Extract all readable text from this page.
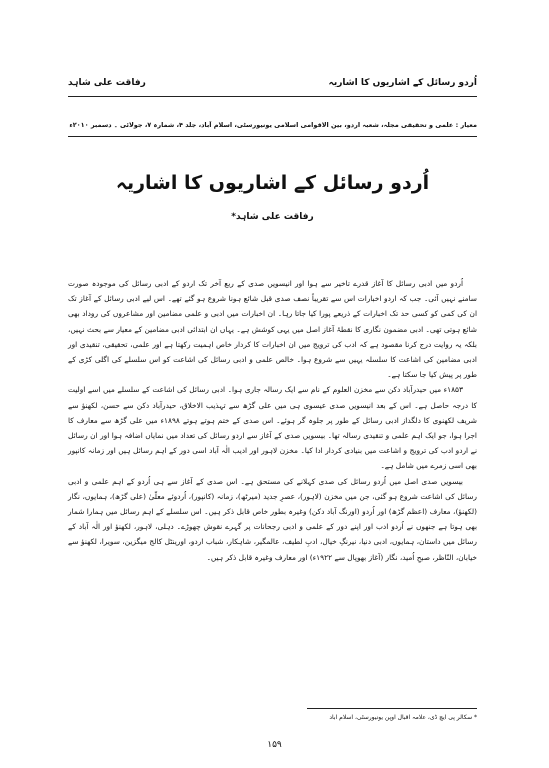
اُردو رسائل کے اشاریوں کا اشاریہ
رفاقت علی شاہد
معیار : علمی و تحقیقی مجلہ، شعبہ اردو، بین الاقوامی اسلامی یونیورسٹی، اسلام آباد، جلد ۴، شمارہ ۷، جولائی ۔ دسمبر ۲۰۱۰ء
اُردو رسائل کے اشاریوں کا اشاریہ
رفاقت علی شاہد*

اُردو میں ادبی رسائل کا آغاز قدرے تاخیر سے ہوا اور انیسویں صدی کے ربع آخر تک اردو کے ادبی رسائل کی موجودہ صورت سامنے نہیں آئی۔ جب کہ اردو اخبارات اس سے تقریباً نصف صدی قبل شائع ہونا شروع ہو گئے تھے۔ اس لیے ادبی رسائل کے آغاز تک ان کی کمی کو کسی حد تک اخبارات کے ذریعے پورا کیا جاتا رہا۔ ان اخبارات میں ادبی و علمی مضامین اور مشاعروں کی روداد بھی شائع ہوتی تھی۔ ادبی مضمون نگاری کا نقطۂ آغاز اصل میں یہی کوشش ہے۔ یہاں ان ابتدائی ادبی مضامین کے معیار سے بحث نہیں، بلکہ یہ روایت درج کرنا مقصود ہے کہ ادب کی ترویج میں ان اخبارات کا کردار خاص اہمیت رکھتا ہے اور علمی، تحقیقی، تنقیدی اور ادبی مضامین کی اشاعت کا سلسلہ یہیں سے شروع ہوا۔ خالص علمی و ادبی رسائل کی اشاعت کو اس سلسلے کی اگلی کڑی کے طور پر پیش کیا جا سکتا ہے۔

۱۸۵۳ء میں حیدرآباد دکن سے مخزن العلوم کے نام سے ایک رسالہ جاری ہوا۔ ادبی رسائل کی اشاعت کے سلسلے میں اسے اولیت کا درجہ حاصل ہے۔ اس کے بعد انیسویں صدی عیسوی ہی میں علی گڑھ سے تہذیب الاخلاق، حیدرآباد دکن سے حسن، لکھنؤ سے شریف لکھنوی کا دلگداز ادبی رسائل کے طور پر جلوہ گر ہوئے۔ اس صدی کے ختم ہوتے ہوتے ۱۸۹۸ء میں علی گڑھ سے معارف کا اجرا ہوا، جو ایک اہم علمی و تنقیدی رسالہ تھا۔ بیسویں صدی کے آغاز سے اردو رسائل کی تعداد میں نمایاں اضافہ ہوا اور ان رسائل نے اردو ادب کی ترویج و اشاعت میں بنیادی کردار ادا کیا۔ مخزن لاہور اور ادیب الٰہ آباد اسی دور کے اہم رسائل ہیں اور زمانہ کانپور بھی اسی زمرے میں شامل ہے۔

بیسویں صدی اصل میں اُردو رسائل کی صدی کہلانے کی مستحق ہے۔ اس صدی کے آغاز سے ہی اُردو کے اہم علمی و ادبی رسائل کی اشاعت شروع ہو گئی، جن میں مخزن (لاہور)، عصرِ جدید (میرٹھ)، زمانہ (کانپور)، اُردوئے معلّیٰ (علی گڑھ)، ہمایوں، نگار (لکھنؤ)، معارف (اعظم گڑھ) اور اُردو (اورنگ آباد دکن) وغیرہ بطور خاص قابل ذکر ہیں۔ اس سلسلے کے اہم رسائل میں ہمارا شمار بھی ہوتا ہے جنھوں نے اُردو ادب اور اپنے دور کے علمی و ادبی رجحانات پر گہرے نقوش چھوڑے۔ دہلی، لاہور، لکھنؤ اور الٰہ آباد کے رسائل میں داستان، ہمایوں، ادبی دنیا، نیرنگِ خیال، ادبِ لطیف، عالمگیر، شاہکار، شباب اردو، اورینٹل کالج میگزین، سویرا، لکھنؤ سے خیابان، النّاظر، صبحِ اُمید، نگار (آغاز بھوپال سے ۱۹۲۲ء) اور معارف وغیرہ قابل ذکر ہیں۔

* سکالر پی ایچ ڈی، علامہ اقبال اوپن یونیورسٹی، اسلام آباد
۱۵۹
